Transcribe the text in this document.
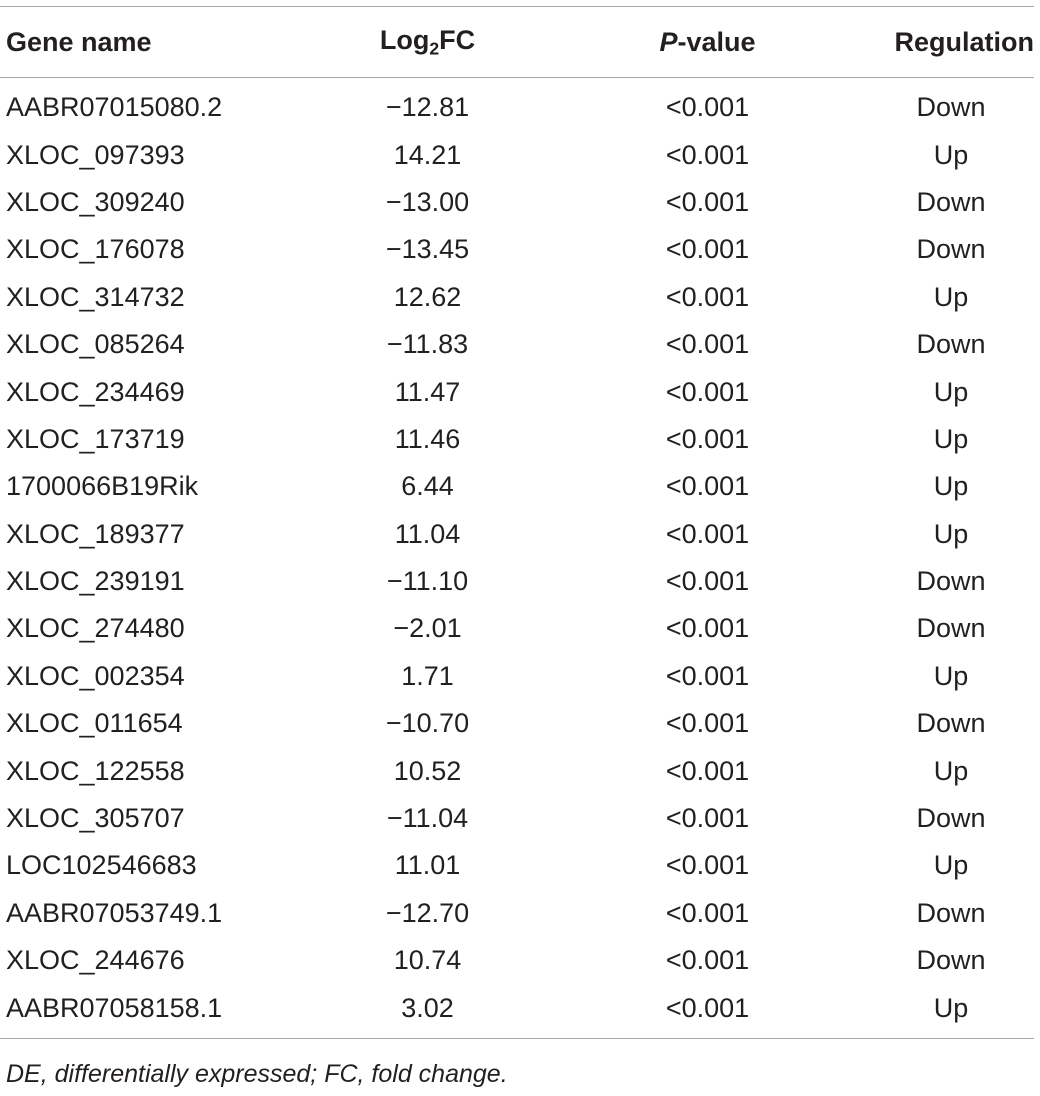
Gene name	Log$_2$FC	P-value	Regulation
AABR07015080.2	−12.81	<0.001	Down
XLOC_097393	14.21	<0.001	Up
XLOC_309240	−13.00	<0.001	Down
XLOC_176078	−13.45	<0.001	Down
XLOC_314732	12.62	<0.001	Up
XLOC_085264	−11.83	<0.001	Down
XLOC_234469	11.47	<0.001	Up
XLOC_173719	11.46	<0.001	Up
1700066B19Rik	6.44	<0.001	Up
XLOC_189377	11.04	<0.001	Up
XLOC_239191	−11.10	<0.001	Down
XLOC_274480	−2.01	<0.001	Down
XLOC_002354	1.71	<0.001	Up
XLOC_011654	−10.70	<0.001	Down
XLOC_122558	10.52	<0.001	Up
XLOC_305707	−11.04	<0.001	Down
LOC102546683	11.01	<0.001	Up
AABR07053749.1	−12.70	<0.001	Down
XLOC_244676	10.74	<0.001	Down
AABR07058158.1	3.02	<0.001	Up
DE, differentially expressed; FC, fold change.
